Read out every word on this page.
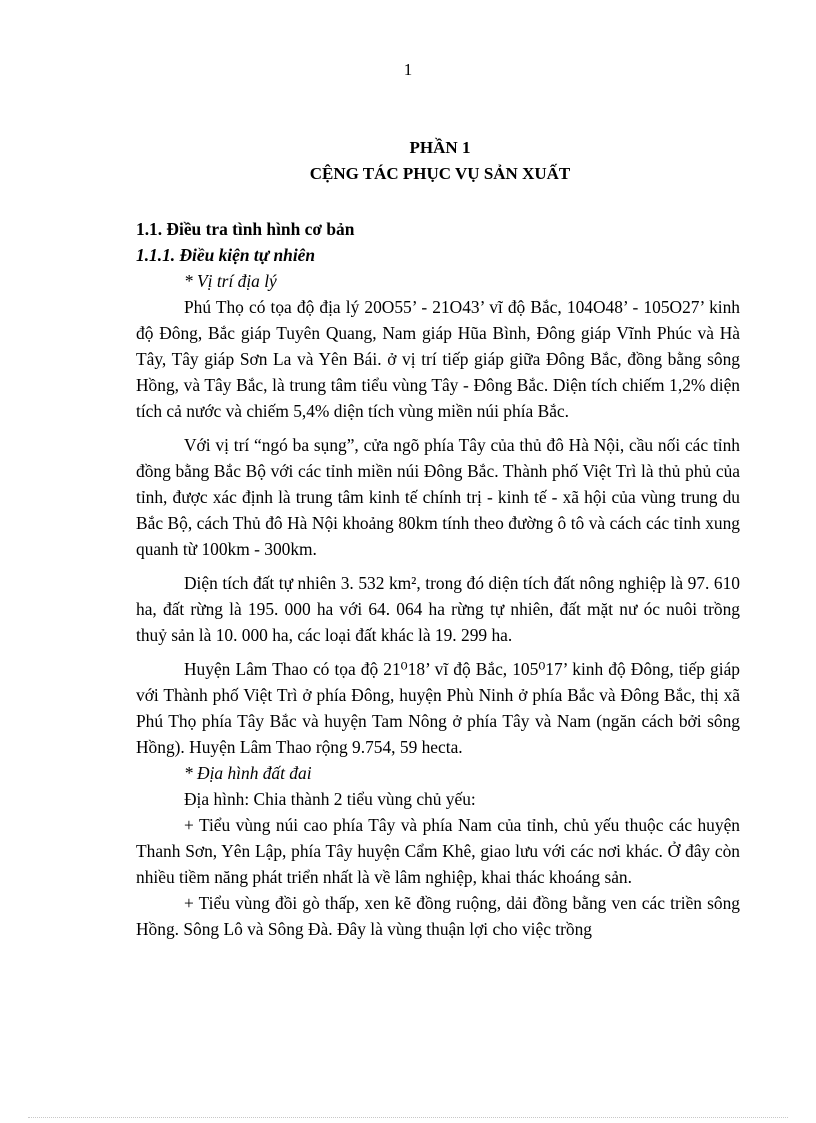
1
PHẦN 1
CỆNG TÁC PHỤC VỤ SẢN XUẤT

1.1. Điều tra tình hình cơ bản

1.1.1. Điều kiện tự nhiên

* Vị trí địa lý

Phú Thọ có tọa độ địa lý 20O55’ - 21O43’ vĩ độ Bắc, 104O48’ - 105O27’ kinh độ Đông, Bắc giáp Tuyên Quang, Nam giáp Hũa Bình, Đông giáp Vĩnh Phúc và Hà Tây, Tây giáp Sơn La và Yên Bái. ở vị trí tiếp giáp giữa Đông Bắc, đồng bằng sông Hồng, và Tây Bắc, là trung tâm tiểu vùng Tây - Đông Bắc. Diện tích chiếm 1,2% diện tích cả nước và chiếm 5,4% diện tích vùng miền núi phía Bắc.

Với vị trí “ngó ba sụng”, cửa ngõ phía Tây của thủ đô Hà Nội, cầu nối các tỉnh đồng bằng Bắc Bộ với các tỉnh miền núi Đông Bắc. Thành phố Việt Trì là thủ phủ của tỉnh, được xác định là trung tâm kinh tế chính trị - kinh tế - xã hội của vùng trung du Bắc Bộ, cách Thủ đô Hà Nội khoảng 80km tính theo đường ô tô và cách các tỉnh xung quanh từ 100km - 300km.

Diện tích đất tự nhiên 3. 532 km², trong đó diện tích đất nông nghiệp là 97. 610 ha, đất rừng là 195. 000 ha với 64. 064 ha rừng tự nhiên, đất mặt nư óc nuôi trồng thuỷ sản là 10. 000 ha, các loại đất khác là 19. 299 ha.

Huyện Lâm Thao có tọa độ 21⁰18’ vĩ độ Bắc, 105⁰17’ kinh độ Đông, tiếp giáp với Thành phố Việt Trì ở phía Đông, huyện Phù Ninh ở phía Bắc và Đông Bắc, thị xã Phú Thọ phía Tây Bắc và huyện Tam Nông ở phía Tây và Nam (ngăn cách bởi sông Hồng). Huyện Lâm Thao rộng 9.754, 59 hecta.

* Địa hình đất đai

Địa hình: Chia thành 2 tiểu vùng chủ yếu:

+ Tiểu vùng núi cao phía Tây và phía Nam của tỉnh, chủ yếu thuộc các huyện Thanh Sơn, Yên Lập, phía Tây huyện Cẩm Khê, giao lưu với các nơi khác. Ở đây còn nhiều tiềm năng phát triển nhất là về lâm nghiệp, khai thác khoáng sản.

+ Tiểu vùng đồi gò thấp, xen kẽ đồng ruộng, dải đồng bằng ven các triền sông Hồng. Sông Lô và Sông Đà. Đây là vùng thuận lợi cho việc trồng
